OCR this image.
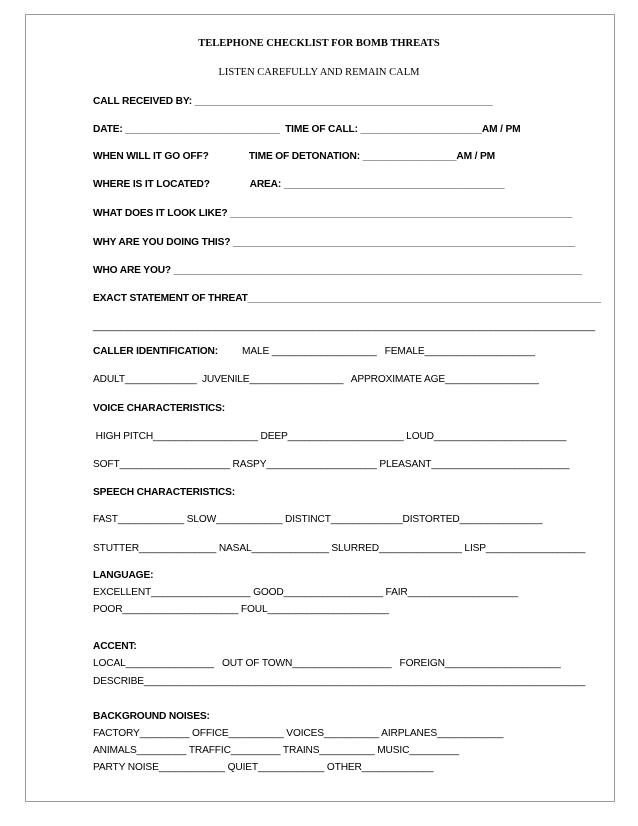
TELEPHONE CHECKLIST FOR BOMB THREATS
LISTEN CAREFULLY AND REMAIN CALM
CALL RECEIVED BY: ______________________________________________________
DATE: ____________________________  TIME OF CALL: ______________________AM / PM
WHEN WILL IT GO OFF?               TIME OF DETONATION: _________________AM / PM
WHERE IS IT LOCATED?               AREA: ________________________________________
WHAT DOES IT LOOK LIKE? ______________________________________________________________
WHY ARE YOU DOING THIS? ______________________________________________________________
WHO ARE YOU? __________________________________________________________________________
EXACT STATEMENT OF THREAT________________________________________________________________
___________________________________________________________________________________________
CALLER IDENTIFICATION:
ADULT_____________  JUVENILE_________________   APPROXIMATE AGE_________________
VOICE CHARACTERISTICS:
HIGH PITCH___________________ DEEP_____________________ LOUD________________________
SOFT____________________ RASPY____________________ PLEASANT_________________________
SPEECH CHARACTERISTICS:
FAST____________ SLOW____________ DISTINCT_____________DISTORTED_______________
STUTTER______________ NASAL______________ SLURRED_______________ LISP__________________
LANGUAGE:
EXCELLENT__________________ GOOD__________________ FAIR____________________
POOR_____________________ FOUL______________________
ACCENT:
LOCAL________________   OUT OF TOWN__________________   FOREIGN_____________________
DESCRIBE________________________________________________________________________________
BACKGROUND NOISES:
FACTORY_________ OFFICE__________ VOICES__________ AIRPLANES____________
ANIMALS_________ TRAFFIC_________ TRAINS__________ MUSIC_________
PARTY NOISE____________ QUIET____________ OTHER_____________
MALE ___________________   FEMALE____________________
